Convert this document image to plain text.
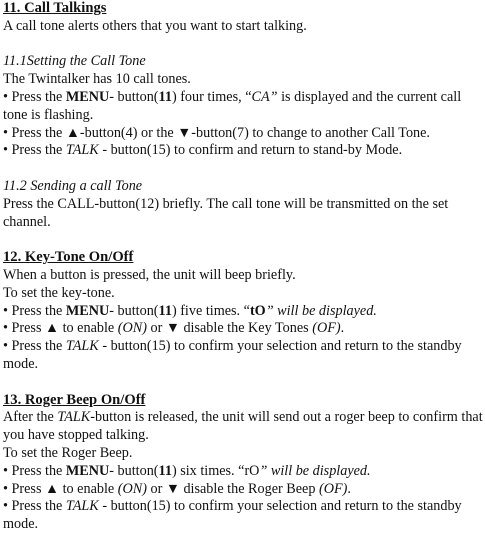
11. Call Talkings
A call tone alerts others that you want to start talking.
11.1Setting the Call Tone
The Twintalker has 10 call tones.
• Press the MENU- button(11) four times, “CA” is displayed and the current call tone is flashing.
• Press the ▲-button(4) or the ▼-button(7) to change to another Call Tone.
• Press the TALK - button(15) to confirm and return to stand-by Mode.
11.2 Sending a call Tone
Press the CALL-button(12) briefly. The call tone will be transmitted on the set channel.
12. Key-Tone On/Off
When a button is pressed, the unit will beep briefly.
To set the key-tone.
• Press the MENU- button(11) five times. “tO” will be displayed.
• Press ▲ to enable (ON) or ▼ disable the Key Tones (OF).
• Press the TALK - button(15) to confirm your selection and return to the standby mode.
13. Roger Beep On/Off
After the TALK-button is released, the unit will send out a roger beep to confirm that you have stopped talking.
To set the Roger Beep.
• Press the MENU- button(11) six times. “rO” will be displayed.
• Press ▲ to enable (ON) or ▼ disable the Roger Beep (OF).
• Press the TALK - button(15) to confirm your selection and return to the standby mode.
